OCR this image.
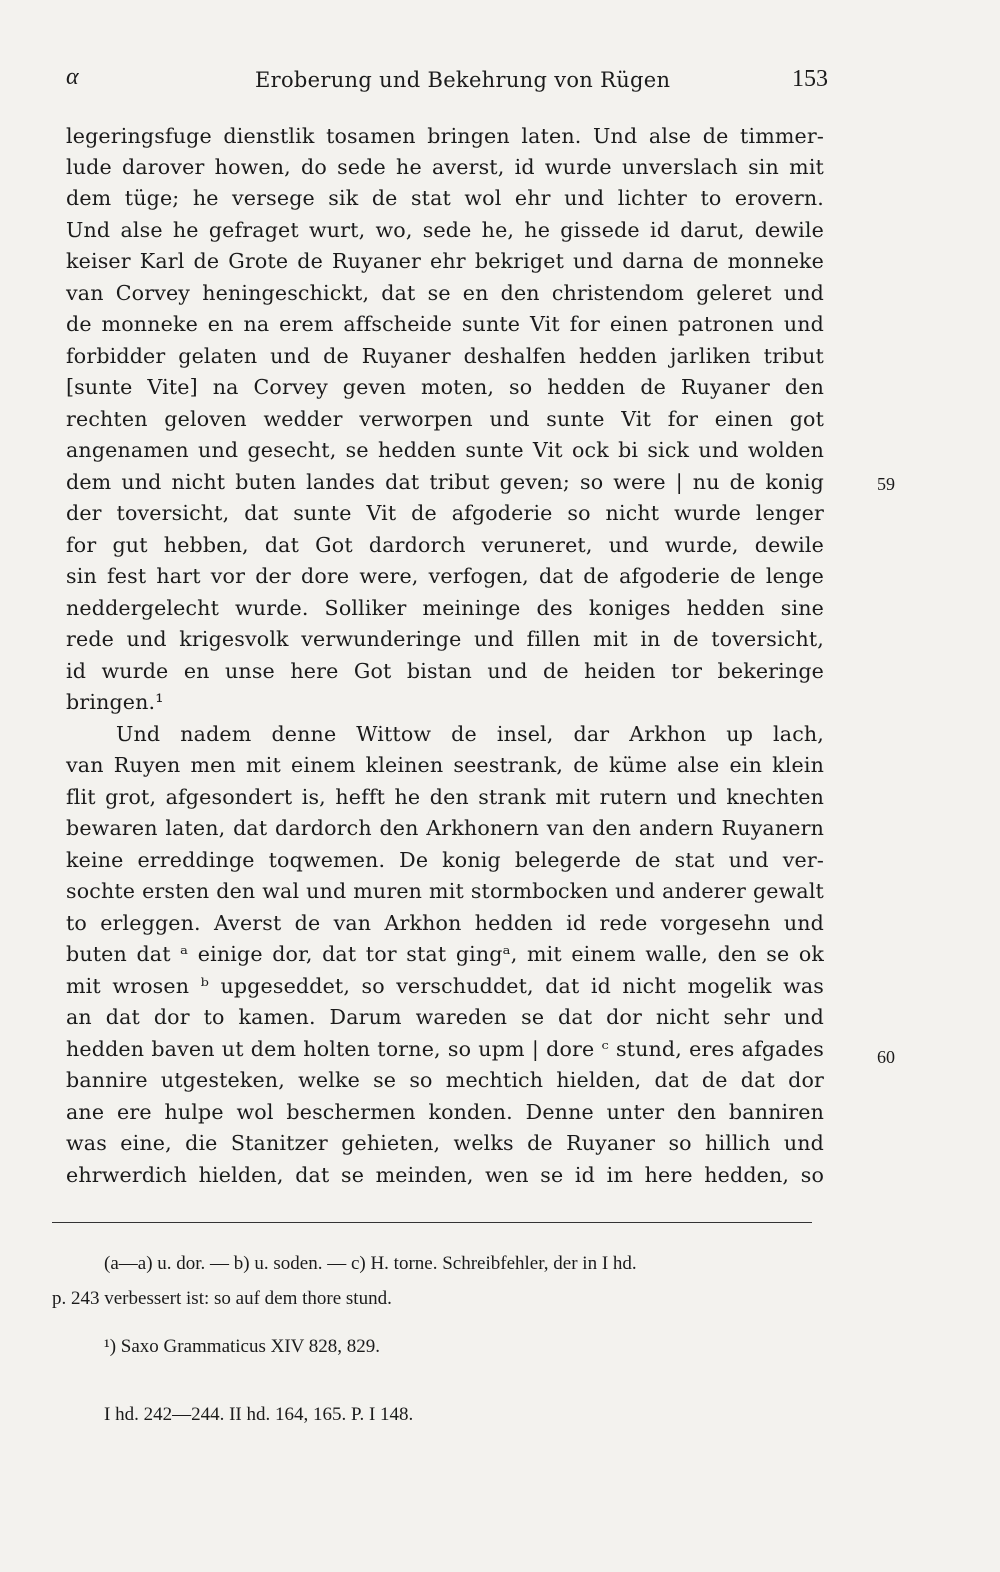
α	Eroberung und Bekehrung von Rügen	153
legeringsfuge dienstlik tosamen bringen laten. Und alse de timmer-
lude darover howen, do sede he averst, id wurde unverslach sin mit
dem tüge; he versege sik de stat wol ehr und lichter to erovern.
Und alse he gefraget wurt, wo, sede he, he gissede id darut, dewile
keiser Karl de Grote de Ruyaner ehr bekriget und darna de monneke
van Corvey heningeschickt, dat se en den christendom geleret und
de monneke en na erem affscheide sunte Vit for einen patronen und
forbidder gelaten und de Ruyaner deshalfen hedden jarliken tribut
[sunte Vite] na Corvey geven moten, so hedden de Ruyaner den
rechten geloven wedder verworpen und sunte Vit for einen got
angenamen und gesecht, se hedden sunte Vit ock bi sick und wolden
dem und nicht buten landes dat tribut geven; so were | nu de konig
der toversicht, dat sunte Vit de afgoderie so nicht wurde lenger
for gut hebben, dat Got dardorch veruneret, und wurde, dewile
sin fest hart vor der dore were, verfogen, dat de afgoderie de lenge
neddergelecht wurde. Solliker meininge des koniges hedden sine
rede und krigesvolk verwunderinge und fillen mit in de toversicht,
id wurde en unse here Got bistan und de heiden tor bekeringe
bringen.¹
Und nadem denne Wittow de insel, dar Arkhon up lach,
van Ruyen men mit einem kleinen seestrank, de küme alse ein klein
flit grot, afgesondert is, hefft he den strank mit rutern und knechten
bewaren laten, dat dardorch den Arkhonern van den andern Ruyanern
keine erreddinge toqwemen. De konig belegerde de stat und ver-
sochte ersten den wal und muren mit stormbocken und anderer gewalt
to erleggen. Averst de van Arkhon hedden id rede vorgesehn und
buten dat ᵃ einige dor, dat tor stat gingᵃ, mit einem walle, den se ok
mit wrosen ᵇ upgeseddet, so verschuddet, dat id nicht mogelik was
an dat dor to kamen. Darum wareden se dat dor nicht sehr und
hedden baven ut dem holten torne, so upm | dore ᶜ stund, eres afgades
bannire utgesteken, welke se so mechtich hielden, dat de dat dor
ane ere hulpe wol beschermen konden. Denne unter den banniren
was eine, die Stanitzer gehieten, welks de Ruyaner so hillich und
ehrwerdich hielden, dat se meinden, wen se id im here hedden, so
59
60
(a—a) u. dor. — b) u. soden. — c) H. torne. Schreibfehler, der in I hd.
p. 243 verbessert ist: so auf dem thore stund.
¹) Saxo Grammaticus XIV 828, 829.
I hd. 242—244. II hd. 164, 165. P. I 148.
